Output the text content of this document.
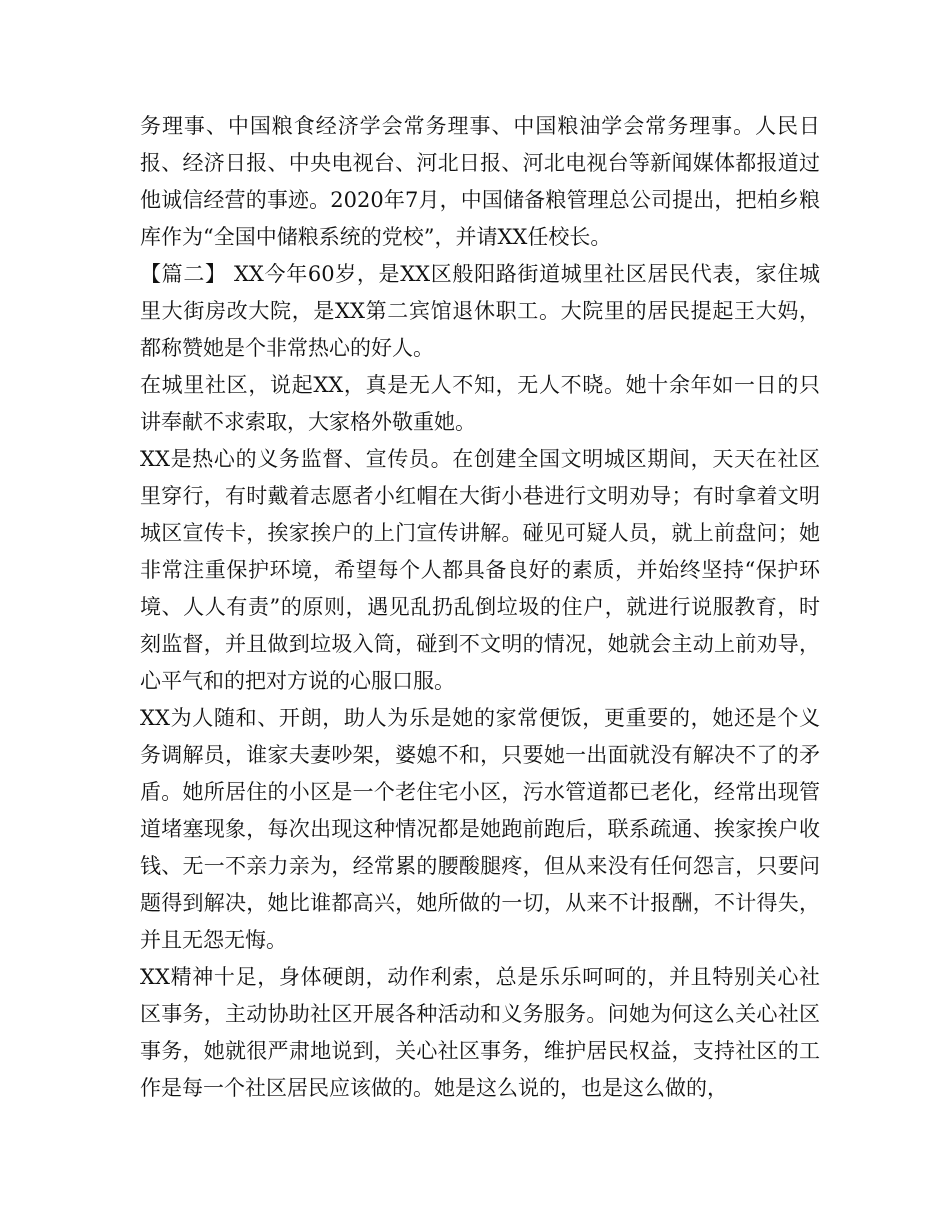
务理事、中国粮食经济学会常务理事、中国粮油学会常务理事。人民日报、经济日报、中央电视台、河北日报、河北电视台等新闻媒体都报道过他诚信经营的事迹。2020年7月，中国储备粮管理总公司提出，把柏乡粮库作为“全国中储粮系统的党校”，并请XX任校长。

【篇二】 XX今年60岁，是XX区般阳路街道城里社区居民代表，家住城里大街房改大院，是XX第二宾馆退休职工。大院里的居民提起王大妈，都称赞她是个非常热心的好人。

在城里社区，说起XX，真是无人不知，无人不晓。她十余年如一日的只讲奉献不求索取，大家格外敬重她。

XX是热心的义务监督、宣传员。在创建全国文明城区期间，天天在社区里穿行，有时戴着志愿者小红帽在大街小巷进行文明劝导；有时拿着文明城区宣传卡，挨家挨户的上门宣传讲解。碰见可疑人员，就上前盘问；她非常注重保护环境，希望每个人都具备良好的素质，并始终坚持“保护环境、人人有责”的原则，遇见乱扔乱倒垃圾的住户，就进行说服教育，时刻监督，并且做到垃圾入筒，碰到不文明的情况，她就会主动上前劝导，心平气和的把对方说的心服口服。

XX为人随和、开朗，助人为乐是她的家常便饭，更重要的，她还是个义务调解员，谁家夫妻吵架，婆媳不和，只要她一出面就没有解决不了的矛盾。她所居住的小区是一个老住宅小区，污水管道都已老化，经常出现管道堵塞现象，每次出现这种情况都是她跑前跑后，联系疏通、挨家挨户收钱、无一不亲力亲为，经常累的腰酸腿疼，但从来没有任何怨言，只要问题得到解决，她比谁都高兴，她所做的一切，从来不计报酬，不计得失，并且无怨无悔。

XX精神十足，身体硬朗，动作利索，总是乐乐呵呵的，并且特别关心社区事务，主动协助社区开展各种活动和义务服务。问她为何这么关心社区事务，她就很严肃地说到，关心社区事务，维护居民权益，支持社区的工作是每一个社区居民应该做的。她是这么说的，也是这么做的，
